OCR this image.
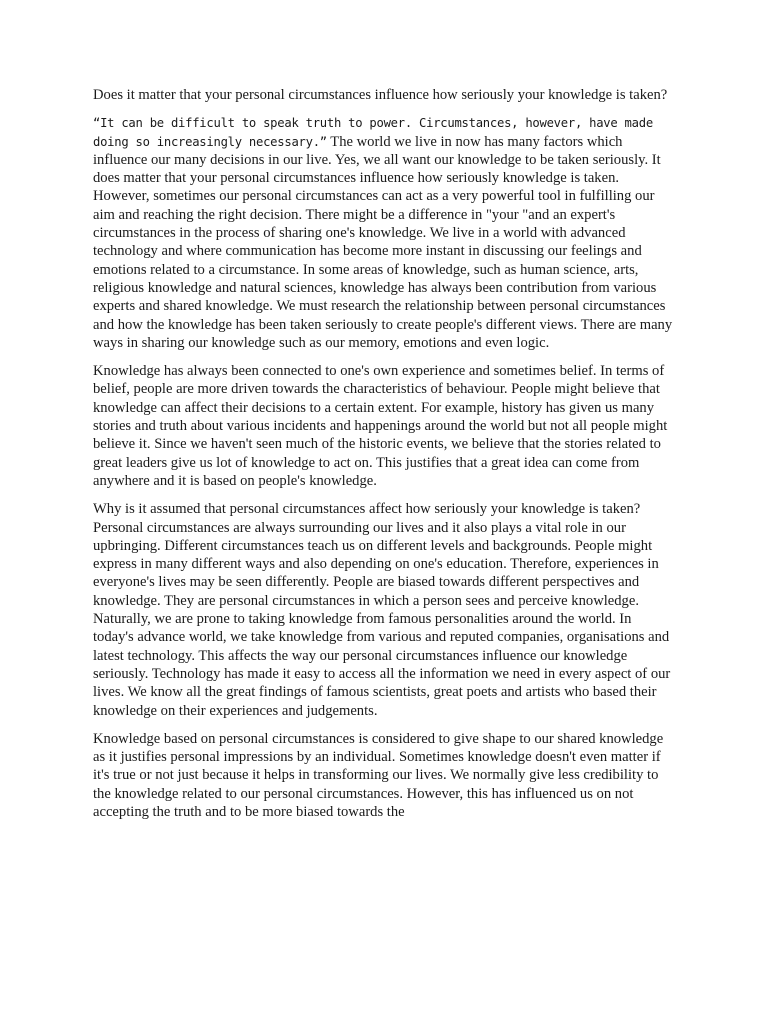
Does it matter that your personal circumstances influence how seriously your knowledge is taken?

“It can be difficult to speak truth to power. Circumstances, however, have made doing so increasingly necessary.” The world we live in now has many factors which influence our many decisions in our live. Yes, we all want our knowledge to be taken seriously. It does matter that your personal circumstances influence how seriously knowledge is taken. However, sometimes our personal circumstances can act as a very powerful tool in fulfilling our aim and reaching the right decision. There might be a difference in "your "and an expert's circumstances in the process of sharing one's knowledge. We live in a world with advanced technology and where communication has become more instant in discussing our feelings and emotions related to a circumstance. In some areas of knowledge, such as human science, arts, religious knowledge and natural sciences, knowledge has always been contribution from various experts and shared knowledge. We must research the relationship between personal circumstances and how the knowledge has been taken seriously to create people's different views. There are many ways in sharing our knowledge such as our memory, emotions and even logic.

Knowledge has always been connected to one's own experience and sometimes belief. In terms of belief, people are more driven towards the characteristics of behaviour. People might believe that knowledge can affect their decisions to a certain extent. For example, history has given us many stories and truth about various incidents and happenings around the world but not all people might believe it. Since we haven't seen much of the historic events, we believe that the stories related to great leaders give us lot of knowledge to act on. This justifies that a great idea can come from anywhere and it is based on people's knowledge.

Why is it assumed that personal circumstances affect how seriously your knowledge is taken? Personal circumstances are always surrounding our lives and it also plays a vital role in our upbringing. Different circumstances teach us on different levels and backgrounds. People might express in many different ways and also depending on one's education. Therefore, experiences in everyone's lives may be seen differently. People are biased towards different perspectives and knowledge. They are personal circumstances in which a person sees and perceive knowledge. Naturally, we are prone to taking knowledge from famous personalities around the world. In today's advance world, we take knowledge from various and reputed companies, organisations and latest technology. This affects the way our personal circumstances influence our knowledge seriously. Technology has made it easy to access all the information we need in every aspect of our lives. We know all the great findings of famous scientists, great poets and artists who based their knowledge on their experiences and judgements.

Knowledge based on personal circumstances is considered to give shape to our shared knowledge as it justifies personal impressions by an individual. Sometimes knowledge doesn't even matter if it's true or not just because it helps in transforming our lives. We normally give less credibility to the knowledge related to our personal circumstances. However, this has influenced us on not accepting the truth and to be more biased towards the
